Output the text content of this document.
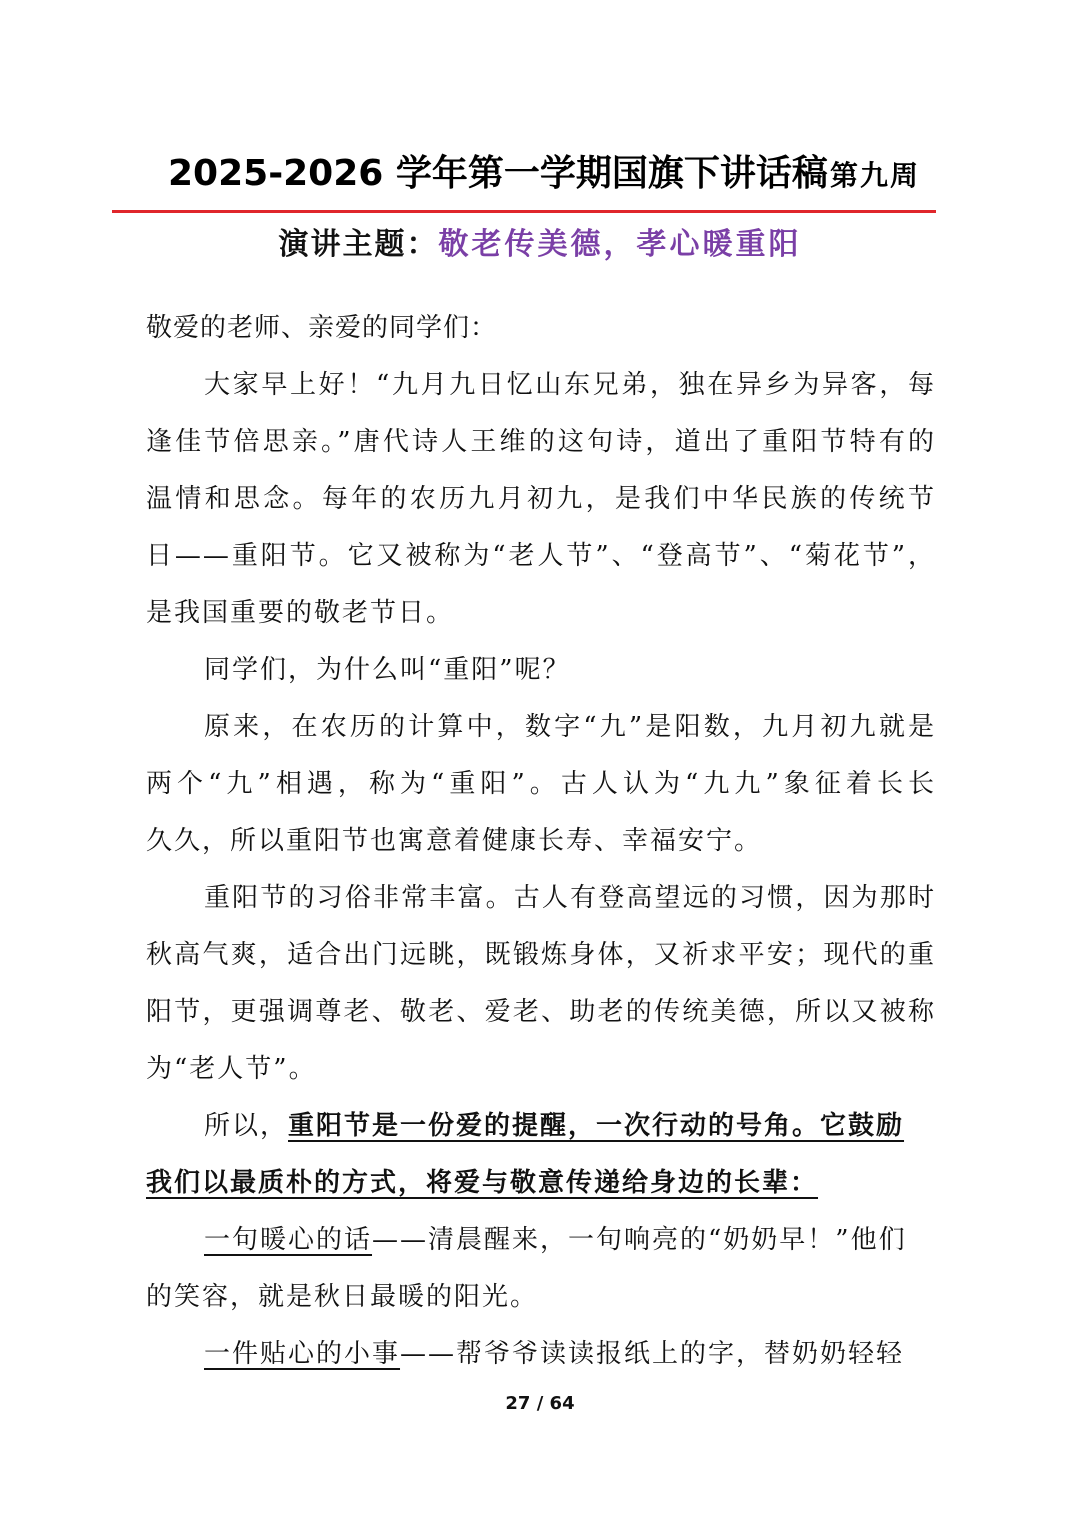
2025-2026 学年第一学期国旗下讲话稿 第九周
演讲主题：敬老传美德，孝心暖重阳
敬爱的老师、亲爱的同学们：
大家早上好！“九月九日忆山东兄弟，独在异乡为异客，每
逢佳节倍思亲。”唐代诗人王维的这句诗，道出了重阳节特有的
温情和思念。每年的农历九月初九，是我们中华民族的传统节
日——重阳节。它又被称为“老人节”、“登高节”、“菊花节”，
是我国重要的敬老节日。
同学们，为什么叫“重阳”呢？
原来，在农历的计算中，数字“九”是阳数，九月初九就是
两个“九”相遇，称为“重阳”。古人认为“九九”象征着长长
久久，所以重阳节也寓意着健康长寿、幸福安宁。
重阳节的习俗非常丰富。古人有登高望远的习惯，因为那时
秋高气爽，适合出门远眺，既锻炼身体，又祈求平安；现代的重
阳节，更强调尊老、敬老、爱老、助老的传统美德，所以又被称
为“老人节”。
所以，重阳节是一份爱的提醒，一次行动的号角。它鼓励
我们以最质朴的方式，将爱与敬意传递给身边的长辈：
一句暖心的话——清晨醒来，一句响亮的“奶奶早！”他们
的笑容，就是秋日最暖的阳光。
一件贴心的小事——帮爷爷读读报纸上的字，替奶奶轻轻
27 / 64
